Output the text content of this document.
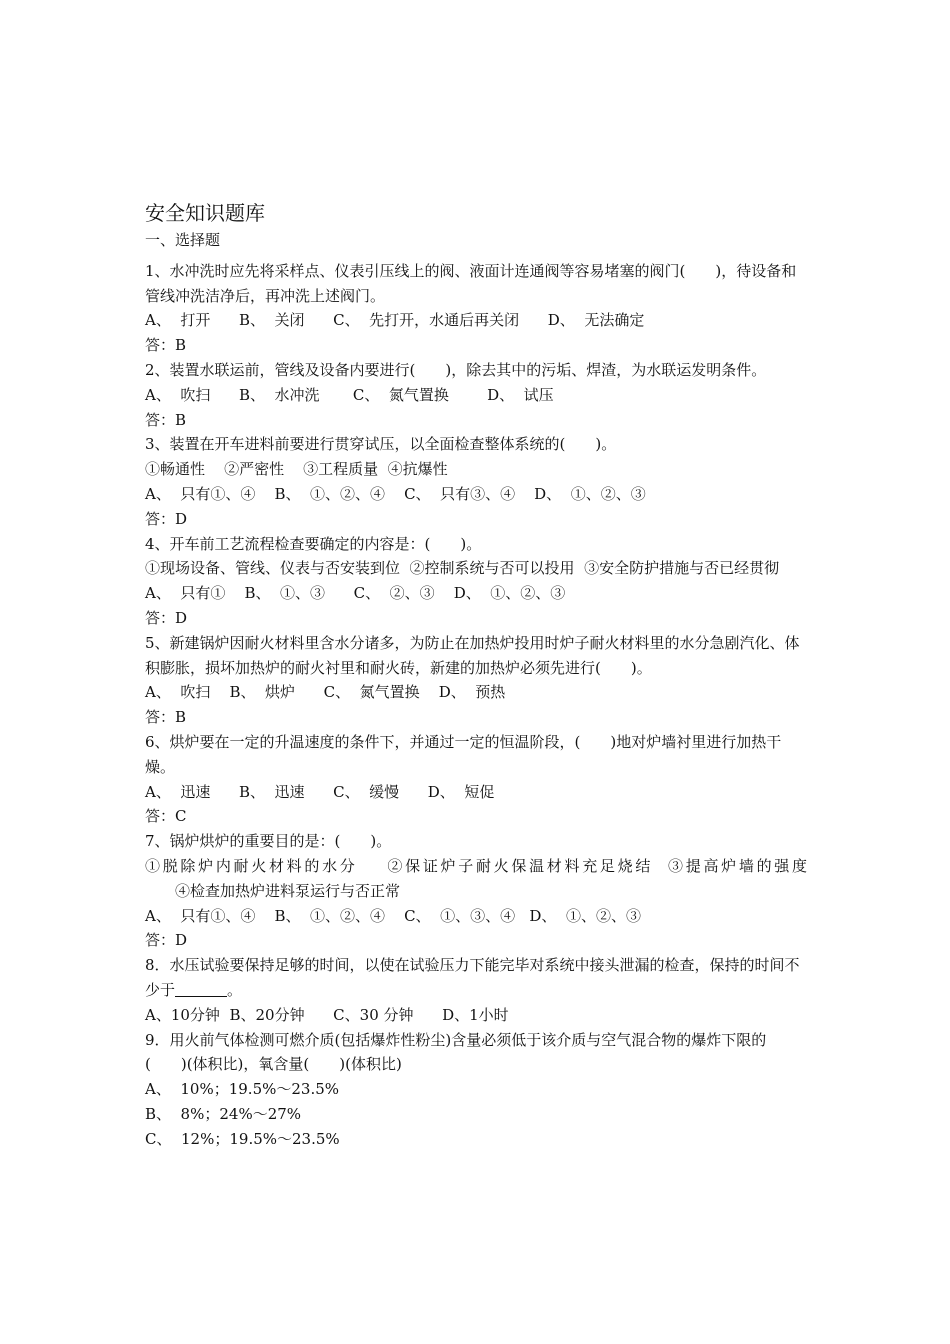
安全知识题库

一、选择题

1、水冲洗时应先将采样点、仪表引压线上的阀、液面计连通阀等容易堵塞的阀门(　　)，待设备和管线冲洗洁净后，再冲洗上述阀门。

A、  打开      B、  关闭      C、  先打开，水通后再关闭      D、  无法确定

答：B

2、装置水联运前，管线及设备内要进行(　　)，除去其中的污垢、焊渣，为水联运发明条件。

A、  吹扫      B、  水冲洗       C、  氮气置换        D、  试压

答：B

3、装置在开车进料前要进行贯穿试压，以全面检查整体系统的(　　)。

①畅通性    ②严密性    ③工程质量  ④抗爆性

A、  只有①、④    B、  ①、②、④    C、  只有③、④    D、  ①、②、③

答：D

4、开车前工艺流程检查要确定的内容是：(　　)。

①现场设备、管线、仪表与否安装到位  ②控制系统与否可以投用  ③安全防护措施与否已经贯彻

A、  只有①    B、  ①、③      C、  ②、③    D、  ①、②、③

答：D

5、新建锅炉因耐火材料里含水分诸多，为防止在加热炉投用时炉子耐火材料里的水分急剧汽化、体积膨胀，损坏加热炉的耐火衬里和耐火砖，新建的加热炉必须先进行(　　)。

A、  吹扫    B、  烘炉      C、  氮气置换    D、  预热

答：B

6、烘炉要在一定的升温速度的条件下，并通过一定的恒温阶段，(　　)地对炉墙衬里进行加热干燥。

A、  迅速      B、  迅速      C、  缓慢      D、  短促

答：C

7、锅炉烘炉的重要目的是：(　　)。

①脱除炉内耐火材料的水分    ②保证炉子耐火保温材料充足烧结  ③提高炉墙的强度

④检查加热炉进料泵运行与否正常

A、  只有①、④    B、  ①、②、④    C、  ①、③、④   D、  ①、②、③

答：D

8．水压试验要保持足够的时间，以使在试验压力下能完毕对系统中接头泄漏的检查，保持的时间不少于	。

A、10分钟  B、20分钟      C、30 分钟      D、1小时

9．用火前气体检测可燃介质(包括爆炸性粉尘)含量必须低于该介质与空气混合物的爆炸下限的  (　　)(体积比)，氧含量(　　)(体积比)

A、  10%；19.5%～23.5%

B、  8%；24%～27%

C、  12%；19.5%～23.5%
